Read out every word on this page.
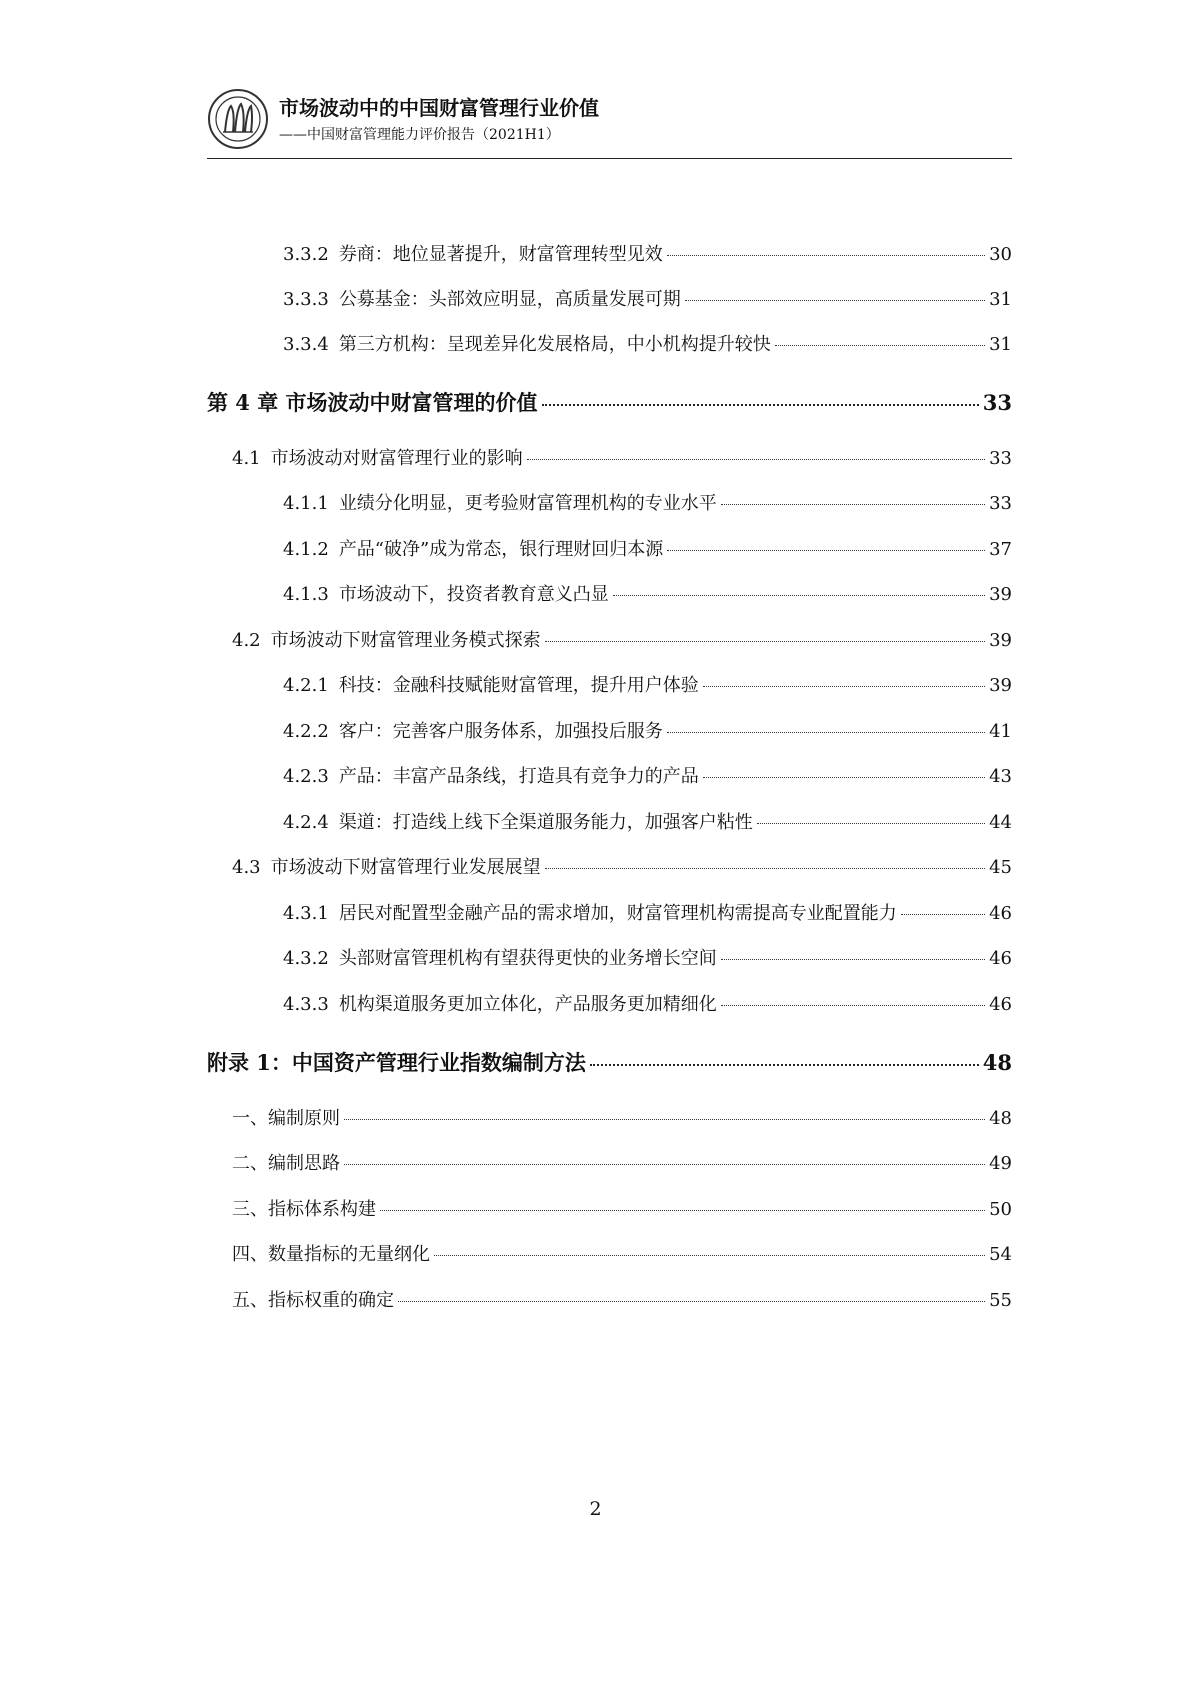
市场波动中的中国财富管理行业价值
——中国财富管理能力评价报告（2021H1）
3.3.2 券商：地位显著提升，财富管理转型见效	30
3.3.3 公募基金：头部效应明显，高质量发展可期	31
3.3.4 第三方机构：呈现差异化发展格局，中小机构提升较快	31
第 4 章 市场波动中财富管理的价值	33
4.1 市场波动对财富管理行业的影响	33
4.1.1 业绩分化明显，更考验财富管理机构的专业水平	33
4.1.2 产品“破净”成为常态，银行理财回归本源	37
4.1.3 市场波动下，投资者教育意义凸显	39
4.2 市场波动下财富管理业务模式探索	39
4.2.1 科技：金融科技赋能财富管理，提升用户体验	39
4.2.2 客户：完善客户服务体系，加强投后服务	41
4.2.3 产品：丰富产品条线，打造具有竞争力的产品	43
4.2.4 渠道：打造线上线下全渠道服务能力，加强客户粘性	44
4.3 市场波动下财富管理行业发展展望	45
4.3.1 居民对配置型金融产品的需求增加，财富管理机构需提高专业配置能力	46
4.3.2 头部财富管理机构有望获得更快的业务增长空间	46
4.3.3 机构渠道服务更加立体化，产品服务更加精细化	46
附录 1：中国资产管理行业指数编制方法	48
一、编制原则	48
二、编制思路	49
三、指标体系构建	50
四、数量指标的无量纲化	54
五、指标权重的确定	55
2
